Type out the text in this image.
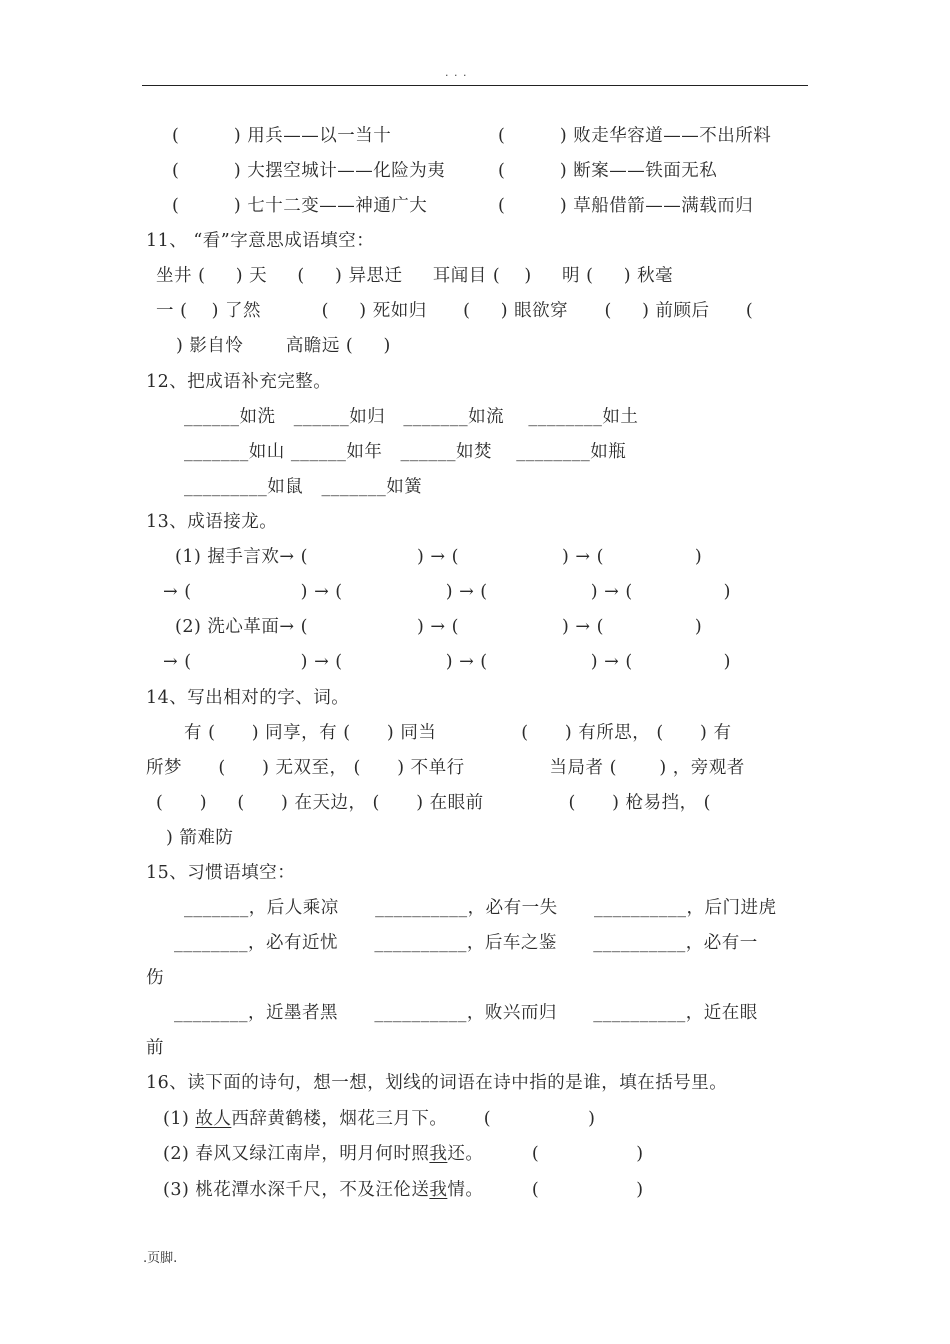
. . .
(         ) 用兵——以一当十	(         ) 败走华容道——不出所料
(         ) 大摆空城计——化险为夷	(         ) 断案——铁面无私
(         ) 七十二变——神通广大	(         ) 草船借箭——满载而归
11、 “看”字意思成语填空：
坐井 (     ) 天     (     ) 异思迁     耳闻目 (    )     明 (     ) 秋毫
一 (    ) 了然          (     ) 死如归      (     ) 眼欲穿      (     ) 前顾后      (
) 影自怜       高瞻远 (     )
12、把成语补充完整。
______如洗   ______如归   _______如流    ________如土
_______如山 ______如年   ______如焚    ________如瓶
_________如鼠   _______如簧
13、成语接龙。
(1) 握手言欢→ (                  ) → (                 ) → (               )
→ (                  ) → (                 ) → (                 ) → (               )
(2) 洗心革面→ (                  ) → (                 ) → (               )
→ (                  ) → (                 ) → (                 ) → (               )
14、写出相对的字、词。
有 (      ) 同享，有 (      ) 同当              (      ) 有所思， (      ) 有
所梦      (      ) 无双至， (      ) 不单行              当局者 (       ) ，旁观者
(      )     (      ) 在天边， (      ) 在眼前              (      ) 枪易挡， (
) 箭难防
15、习惯语填空：
_______，后人乘凉      __________，必有一失      __________，后门进虎
________，必有近忧      __________，后车之鉴      __________，必有一
伤
________，近墨者黑      __________，败兴而归      __________，近在眼
前
16、读下面的诗句，想一想，划线的词语在诗中指的是谁，填在括号里。
(1) 故人西辞黄鹤楼，烟花三月下。      (                )
(2) 春风又绿江南岸，明月何时照我还。        (                )
(3) 桃花潭水深千尺，不及汪伦送我情。        (                )
.页脚.
